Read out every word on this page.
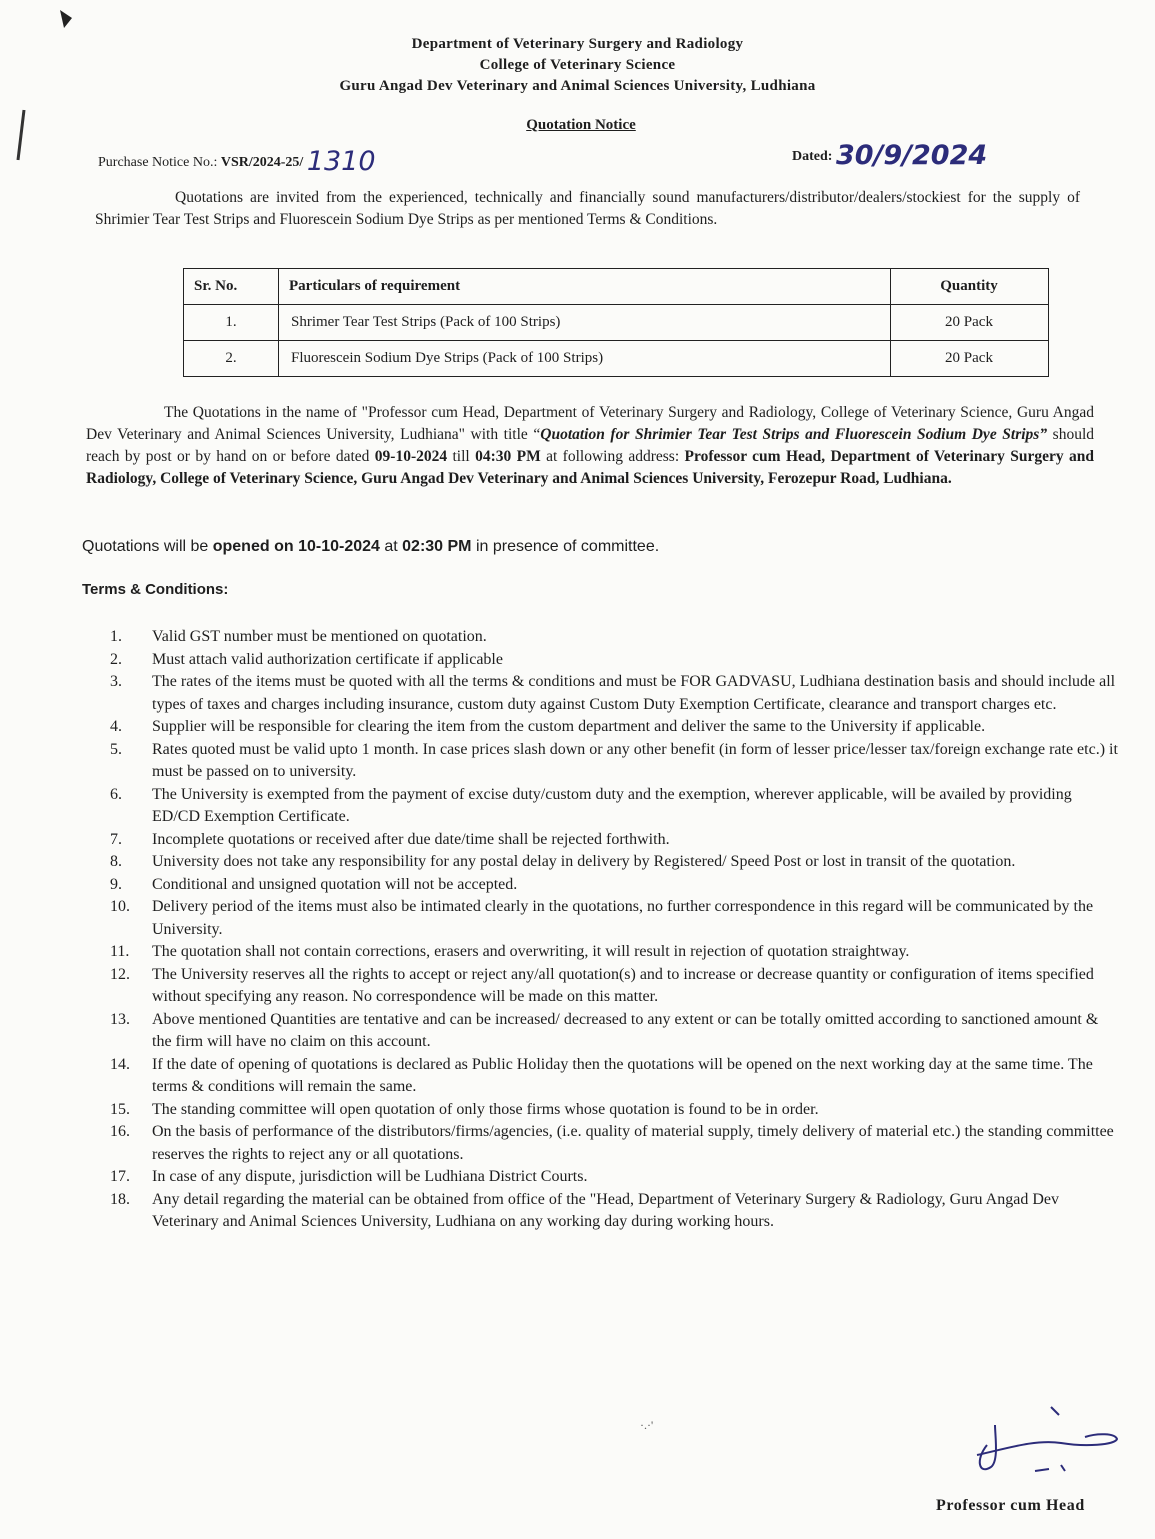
Department of Veterinary Surgery and Radiology
College of Veterinary Science
Guru Angad Dev Veterinary and Animal Sciences University, Ludhiana
Quotation Notice
Purchase Notice No.: VSR/2024-25/ 1310	Dated: 30/9/2024
Quotations are invited from the experienced, technically and financially sound manufacturers/distributor/dealers/stockiest for the supply of Shrimier Tear Test Strips and Fluorescein Sodium Dye Strips as per mentioned Terms & Conditions.
Sr. No.	Particulars of requirement	Quantity
1.	Shrimer Tear Test Strips (Pack of 100 Strips)	20 Pack
2.	Fluorescein Sodium Dye Strips (Pack of 100 Strips)	20 Pack
The Quotations in the name of "Professor cum Head, Department of Veterinary Surgery and Radiology, College of Veterinary Science, Guru Angad Dev Veterinary and Animal Sciences University, Ludhiana" with title “Quotation for Shrimier Tear Test Strips and Fluorescein Sodium Dye Strips” should reach by post or by hand on or before dated 09-10-2024 till 04:30 PM at following address: Professor cum Head, Department of Veterinary Surgery and Radiology, College of Veterinary Science, Guru Angad Dev Veterinary and Animal Sciences University, Ferozepur Road, Ludhiana.
Quotations will be opened on 10-10-2024 at 02:30 PM in presence of committee.
Terms & Conditions:
1.	Valid GST number must be mentioned on quotation.
2.	Must attach valid authorization certificate if applicable
3.	The rates of the items must be quoted with all the terms & conditions and must be FOR GADVASU, Ludhiana destination basis and should include all types of taxes and charges including insurance, custom duty against Custom Duty Exemption Certificate, clearance and transport charges etc.
4.	Supplier will be responsible for clearing the item from the custom department and deliver the same to the University if applicable.
5.	Rates quoted must be valid upto 1 month. In case prices slash down or any other benefit (in form of lesser price/lesser tax/foreign exchange rate etc.) it must be passed on to university.
6.	The University is exempted from the payment of excise duty/custom duty and the exemption, wherever applicable, will be availed by providing ED/CD Exemption Certificate.
7.	Incomplete quotations or received after due date/time shall be rejected forthwith.
8.	University does not take any responsibility for any postal delay in delivery by Registered/ Speed Post or lost in transit of the quotation.
9.	Conditional and unsigned quotation will not be accepted.
10.	Delivery period of the items must also be intimated clearly in the quotations, no further correspondence in this regard will be communicated by the University.
11.	The quotation shall not contain corrections, erasers and overwriting, it will result in rejection of quotation straightway.
12.	The University reserves all the rights to accept or reject any/all quotation(s) and to increase or decrease quantity or configuration of items specified without specifying any reason. No correspondence will be made on this matter.
13.	Above mentioned Quantities are tentative and can be increased/ decreased to any extent or can be totally omitted according to sanctioned amount & the firm will have no claim on this account.
14.	If the date of opening of quotations is declared as Public Holiday then the quotations will be opened on the next working day at the same time. The terms & conditions will remain the same.
15.	The standing committee will open quotation of only those firms whose quotation is found to be in order.
16.	On the basis of performance of the distributors/firms/agencies, (i.e. quality of material supply, timely delivery of material etc.) the standing committee reserves the rights to reject any or all quotations.
17.	In case of any dispute, jurisdiction will be Ludhiana District Courts.
18.	Any detail regarding the material can be obtained from office of the "Head, Department of Veterinary Surgery & Radiology, Guru Angad Dev Veterinary and Animal Sciences University, Ludhiana on any working day during working hours.
·.·'
Professor cum Head
